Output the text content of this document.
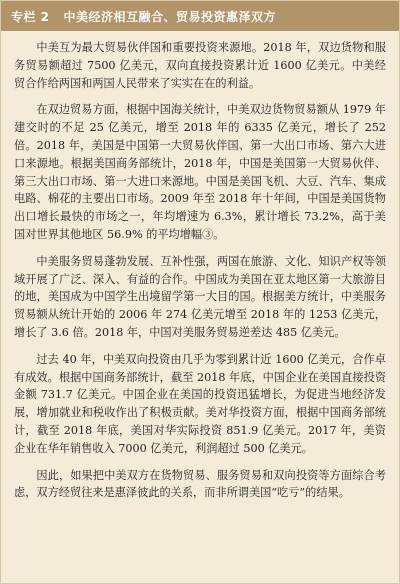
专栏 2 中美经济相互融合、贸易投资惠泽双方

中美互为最大贸易伙伴国和重要投资来源地。2018 年，双边货物和服务贸易额超过 7500 亿美元，双向直接投资累计近 1600 亿美元。中美经贸合作给两国和两国人民带来了实实在在的利益。

在双边贸易方面，根据中国海关统计，中美双边货物贸易额从 1979 年建交时的不足 25 亿美元，增至 2018 年的 6335 亿美元，增长了 252 倍。2018 年，美国是中国第一大贸易伙伴国、第一大出口市场、第六大进口来源地。根据美国商务部统计，2018 年，中国是美国第一大贸易伙伴、第三大出口市场、第一大进口来源地。中国是美国飞机、大豆、汽车、集成电路、棉花的主要出口市场。2009 年至 2018 年十年间，中国是美国货物出口增长最快的市场之一，年均增速为 6.3%，累计增长 73.2%，高于美国对世界其他地区 56.9% 的平均增幅③。

中美服务贸易蓬勃发展、互补性强，两国在旅游、文化、知识产权等领域开展了广泛、深入、有益的合作。中国成为美国在亚太地区第一大旅游目的地，美国成为中国学生出境留学第一大目的国。根据美方统计，中美服务贸易额从统计开始的 2006 年 274 亿美元增至 2018 年的 1253 亿美元，增长了 3.6 倍。2018 年，中国对美服务贸易逆差达 485 亿美元。

过去 40 年，中美双向投资由几乎为零到累计近 1600 亿美元，合作卓有成效。根据中国商务部统计，截至 2018 年底，中国企业在美国直接投资金额 731.7 亿美元。中国企业在美国的投资迅猛增长，为促进当地经济发展，增加就业和税收作出了积极贡献。美对华投资方面，根据中国商务部统计，截至 2018 年底，美国对华实际投资 851.9 亿美元。2017 年，美资企业在华年销售收入 7000 亿美元，利润超过 500 亿美元。

因此，如果把中美双方在货物贸易、服务贸易和双向投资等方面综合考虑，双方经贸往来是惠泽彼此的关系，而非所谓美国“吃亏”的结果。
